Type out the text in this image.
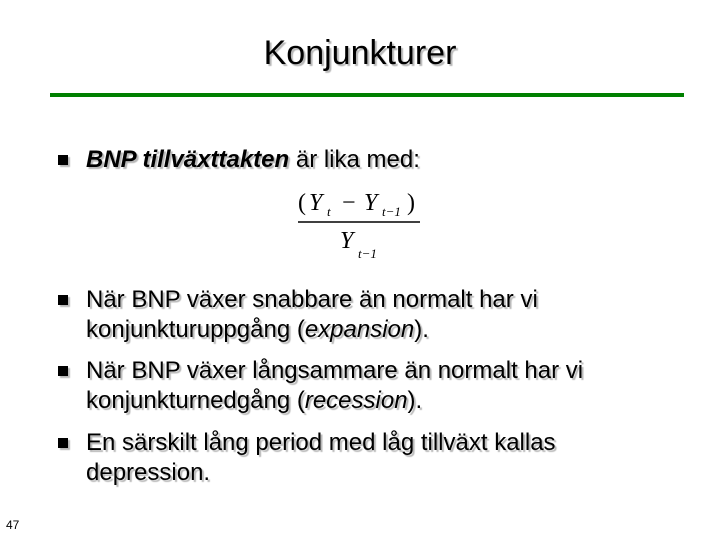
Konjunkturer
BNP tillväxttakten är lika med:
( Y t − Y t−1 )
Y t−1
När BNP växer snabbare än normalt har vi konjunkturuppgång (expansion).
När BNP växer långsammare än normalt har vi konjunkturnedgång (recession).
En särskilt lång period med låg tillväxt kallas depression.
47
